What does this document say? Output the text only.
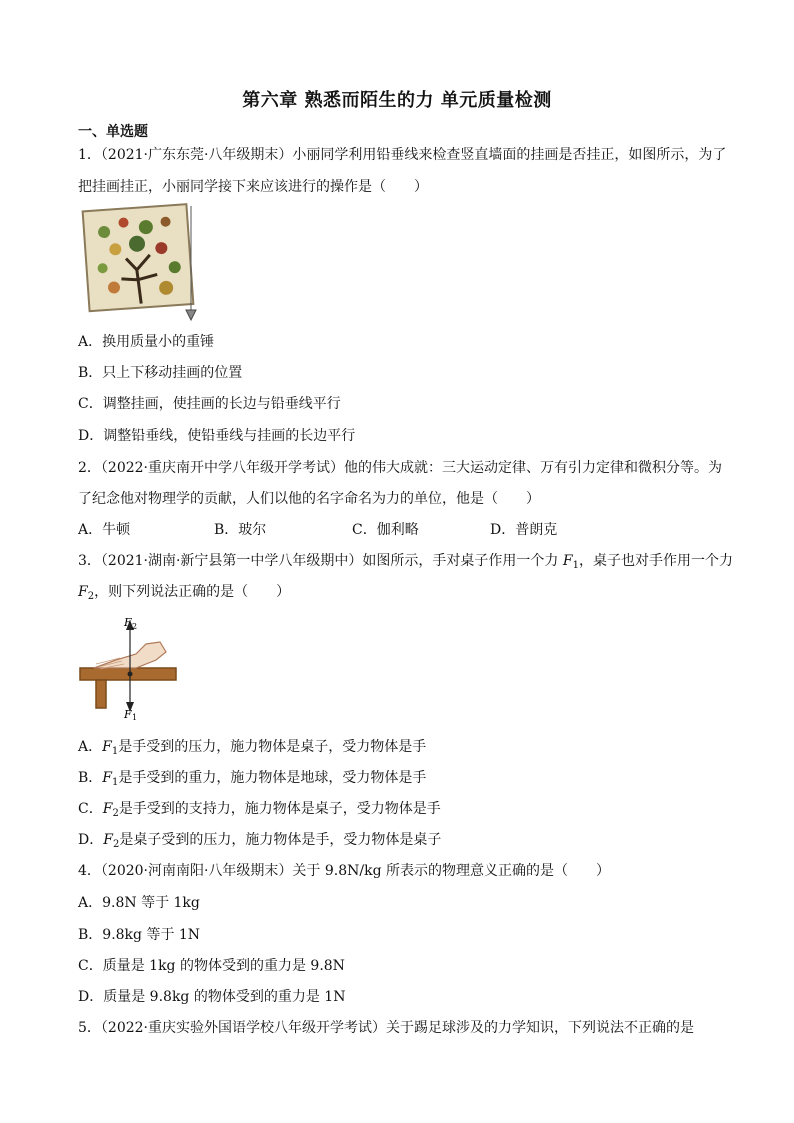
第六章 熟悉而陌生的力 单元质量检测
一、单选题
1．（2021·广东东莞·八年级期末）小丽同学利用铅垂线来检查竖直墙面的挂画是否挂正，如图所示，为了
把挂画挂正，小丽同学接下来应该进行的操作是（　　）
A．换用质量小的重锤
B．只上下移动挂画的位置
C．调整挂画，使挂画的长边与铅垂线平行
D．调整铅垂线，使铅垂线与挂画的长边平行
2．（2022·重庆南开中学八年级开学考试）他的伟大成就：三大运动定律、万有引力定律和微积分等。为
了纪念他对物理学的贡献，人们以他的名字命名为力的单位，他是（　　）
A．牛顿	B．玻尔	C．伽利略	D．普朗克
3．（2021·湖南·新宁县第一中学八年级期中）如图所示，手对桌子作用一个力 $F_1$，桌子也对手作用一个力
$F_2$，则下列说法正确的是（　　）
F 2
F 1
A．$F_1$是手受到的压力，施力物体是桌子，受力物体是手
B．$F_1$是手受到的重力，施力物体是地球，受力物体是手
C．$F_2$是手受到的支持力，施力物体是桌子，受力物体是手
D．$F_2$是桌子受到的压力，施力物体是手，受力物体是桌子
4．（2020·河南南阳·八年级期末）关于 9.8N/kg 所表示的物理意义正确的是（　　）
A．9.8N 等于 1kg
B．9.8kg 等于 1N
C．质量是 1kg 的物体受到的重力是 9.8N
D．质量是 9.8kg 的物体受到的重力是 1N
5．（2022·重庆实验外国语学校八年级开学考试）关于踢足球涉及的力学知识，下列说法不正确的是
